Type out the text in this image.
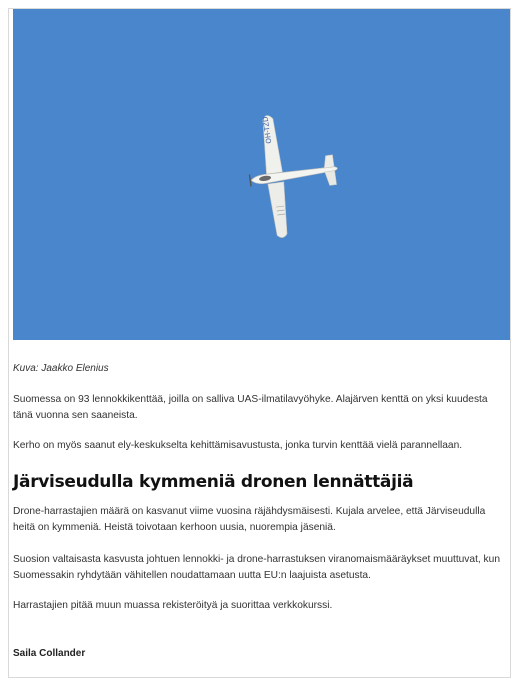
OH-TZD
Kuva: Jaakko Elenius

Suomessa on 93 lennokkikenttää, joilla on salliva UAS-ilmatilavyöhyke. Alajärven kenttä on yksi kuudesta tänä vuonna sen saaneista.

Kerho on myös saanut ely-keskukselta kehittämisavustusta, jonka turvin kenttää vielä parannellaan.

Järviseudulla kymmeniä dronen lennättäjiä

Drone-harrastajien määrä on kasvanut viime vuosina räjähdysmäisesti. Kujala arvelee, että Järviseudulla heitä on kymmeniä. Heistä toivotaan kerhoon uusia, nuorempia jäseniä.

Suosion valtaisasta kasvusta johtuen lennokki- ja drone-harrastuksen viranomaismääräykset muuttuvat, kun Suomessakin ryhdytään vähitellen noudattamaan uutta EU:n laajuista asetusta.

Harrastajien pitää muun muassa rekisteröityä ja suorittaa verkkokurssi.

Saila Collander
